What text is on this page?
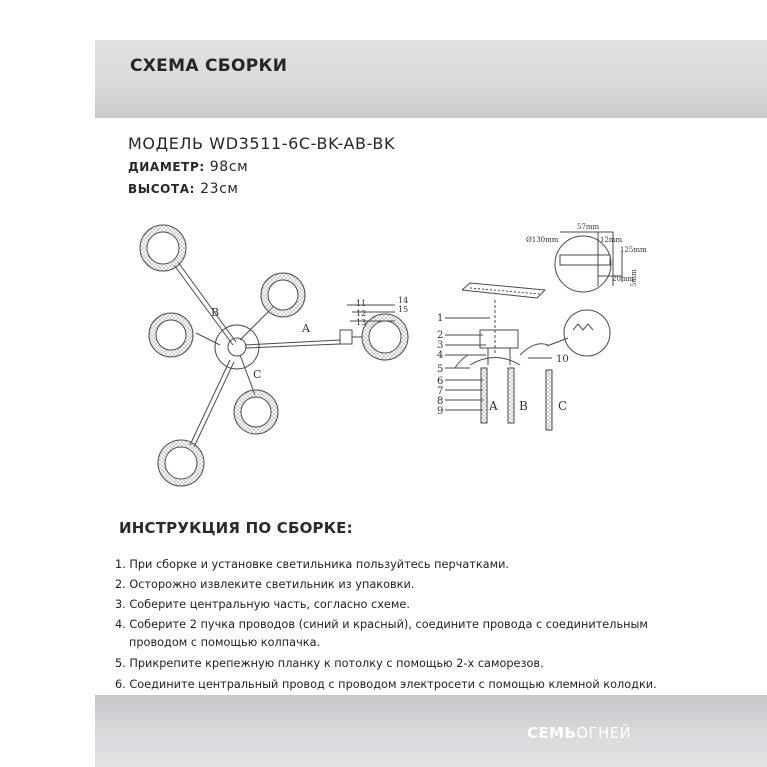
СХЕМА СБОРКИ
МОДЕЛЬ WD3511-6C-BK-AB-BK
ДИАМЕТР: 98см
ВЫСОТА: 23см
A
B
C
11
12
13
14
15
1
2
3
4
5
6
7
8
9
10
A B	C
57mm
12mm
Ø130mm
125mm
20mm
5mm
ИНСТРУКЦИЯ ПО СБОРКЕ:
1. При сборке и установке светильника пользуйтесь перчатками.
2. Осторожно извлеките светильник из упаковки.
3. Соберите центральную часть, согласно схеме.
4. Соберите 2 пучка проводов (синий и красный), соедините провода с соединительным
проводом с помощью колпачка.
5. Прикрепите крепежную планку к потолку с помощью 2-х саморезов.
6. Соедините центральный провод с проводом электросети с помощью клемной колодки.
СЕМЬОГНЕЙ
